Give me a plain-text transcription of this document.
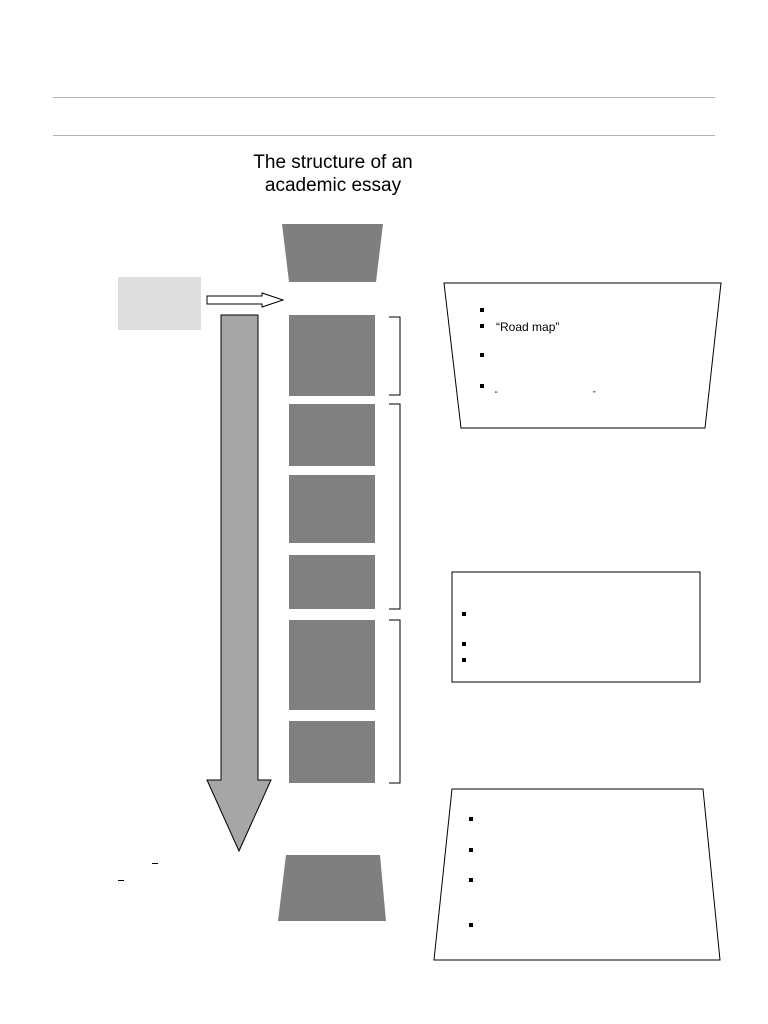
The structure of an
academic essay
“Road map”
“	”
